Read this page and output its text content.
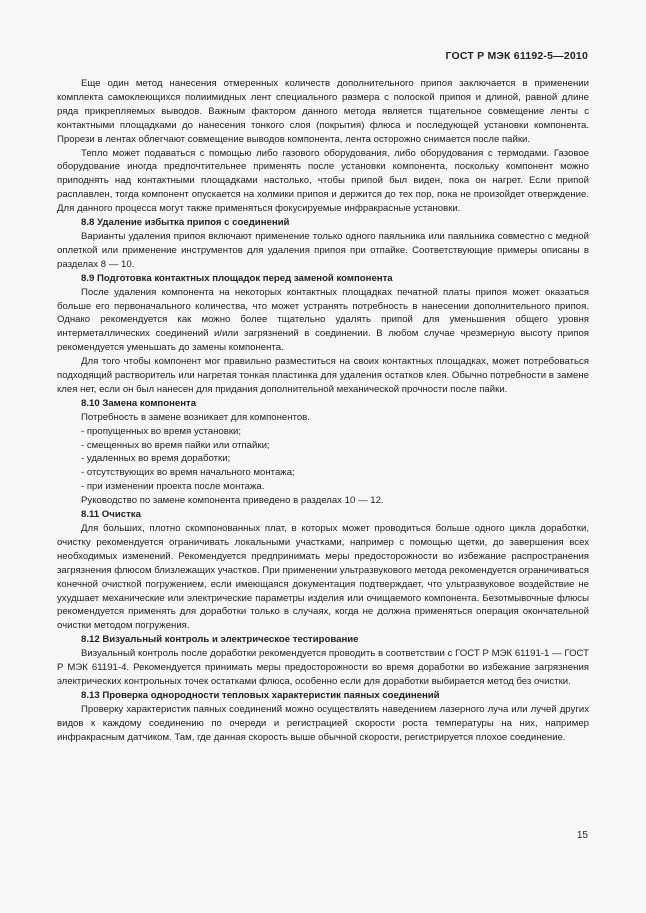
ГОСТ Р МЭК 61192-5—2010

Еще один метод нанесения отмеренных количеств дополнительного припоя заключается в применении комплекта самоклеющихся полиимидных лент специального размера с полоской припоя и длиной, равной длине ряда прикрепляемых выводов. Важным фактором данного метода является тщательное совмещение ленты с контактными площадками до нанесения тонкого слоя (покрытия) флюса и последующей установки компонента. Прорези в лентах облегчают совмещение выводов компонента, лента осторожно снимается после пайки.

Тепло может подаваться с помощью либо газового оборудования, либо оборудования с термодами. Газовое оборудование иногда предпочтительнее применять после установки компонента, поскольку компонент можно приподнять над контактными площадками настолько, чтобы припой был виден, пока он нагрет. Если припой расплавлен, тогда компонент опускается на холмики припоя и держится до тех пор, пока не произойдет отверждение. Для данного процесса могут также применяться фокусируемые инфракрасные установки.

8.8 Удаление избытка припоя с соединений

Варианты удаления припоя включают применение только одного паяльника или паяльника совместно с медной оплеткой или применение инструментов для удаления припоя при отпайке. Соответствующие примеры описаны в разделах 8 — 10.

8.9 Подготовка контактных площадок перед заменой компонента

После удаления компонента на некоторых контактных площадках печатной платы припоя может оказаться больше его первоначального количества, что может устранять потребность в нанесении дополнительного припоя. Однако рекомендуется как можно более тщательно удалять припой для уменьшения общего уровня интерметаллических соединений и/или загрязнений в соединении. В любом случае чрезмерную высоту припоя рекомендуется уменьшать до замены компонента.

Для того чтобы компонент мог правильно разместиться на своих контактных площадках, может потребоваться подходящий растворитель или нагретая тонкая пластинка для удаления остатков клея. Обычно потребности в замене клея нет, если он был нанесен для придания дополнительной механической прочности после пайки.

8.10 Замена компонента

Потребность в замене возникает для компонентов.

- пропущенных во время установки;

- смещенных во время пайки или отпайки;

- удаленных во время доработки;

- отсутствующих во время начального монтажа;

- при изменении проекта после монтажа.

Руководство по замене компонента приведено в разделах 10 — 12.

8.11 Очистка

Для больших, плотно скомпонованных плат, в которых может проводиться больше одного цикла доработки, очистку рекомендуется ограничивать локальными участками, например с помощью щетки, до завершения всех необходимых изменений. Рекомендуется предпринимать меры предосторожности во избежание распространения загрязнения флюсом близлежащих участков. При применении ультразвукового метода рекомендуется ограничиваться конечной очисткой погружением, если имеющаяся документация подтверждает, что ультразвуковое воздействие не ухудшает механические или электрические параметры изделия или очищаемого компонента. Безотмывочные флюсы рекомендуется применять для доработки только в случаях, когда не должна применяться операция окончательной очистки методом погружения.

8.12 Визуальный контроль и электрическое тестирование

Визуальный контроль после доработки рекомендуется проводить в соответствии с ГОСТ Р МЭК 61191-1 — ГОСТ Р МЭК 61191-4. Рекомендуется принимать меры предосторожности во время доработки во избежание загрязнения электрических контрольных точек остатками флюса, особенно если для доработки выбирается метод без очистки.

8.13 Проверка однородности тепловых характеристик паяных соединений

Проверку характеристик паяных соединений можно осуществлять наведением лазерного луча или лучей других видов к каждому соединению по очереди и регистрацией скорости роста температуры на них, например инфракрасным датчиком. Там, где данная скорость выше обычной скорости, регистрируется плохое соединение.

15
